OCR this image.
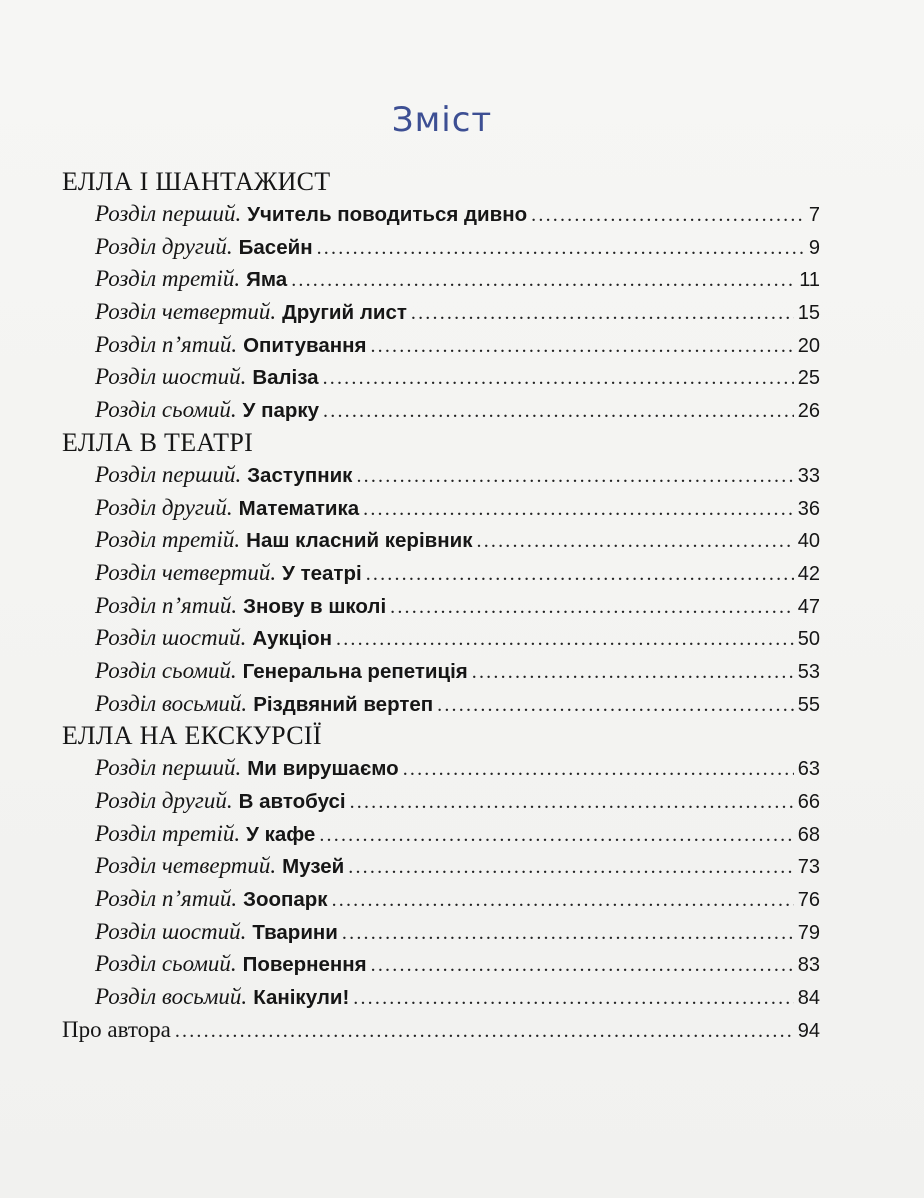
Зміст
ЕЛЛА І ШАНТАЖИСТ
Розділ перший. Учитель поводиться дивно .....	7
Розділ другий. Басейн .....	9
Розділ третій. Яма .....	11
Розділ четвертий. Другий лист .....	15
Розділ п’ятий. Опитування .....	20
Розділ шостий. Валіза .....	25
Розділ сьомий. У парку .....	26
ЕЛЛА В ТЕАТРІ
Розділ перший. Заступник .....	33
Розділ другий. Математика .....	36
Розділ третій. Наш класний керівник .....	40
Розділ четвертий. У театрі .....	42
Розділ п’ятий. Знову в школі .....	47
Розділ шостий. Аукціон .....	50
Розділ сьомий. Генеральна репетиція .....	53
Розділ восьмий. Різдвяний вертеп .....	55
ЕЛЛА НА ЕКСКУРСІЇ
Розділ перший. Ми вирушаємо .....	63
Розділ другий. В автобусі .....	66
Розділ третій. У кафе .....	68
Розділ четвертий. Музей .....	73
Розділ п’ятий. Зоопарк .....	76
Розділ шостий. Тварини .....	79
Розділ сьомий. Повернення .....	83
Розділ восьмий. Канікули! .....	84
Про автора .....	94
